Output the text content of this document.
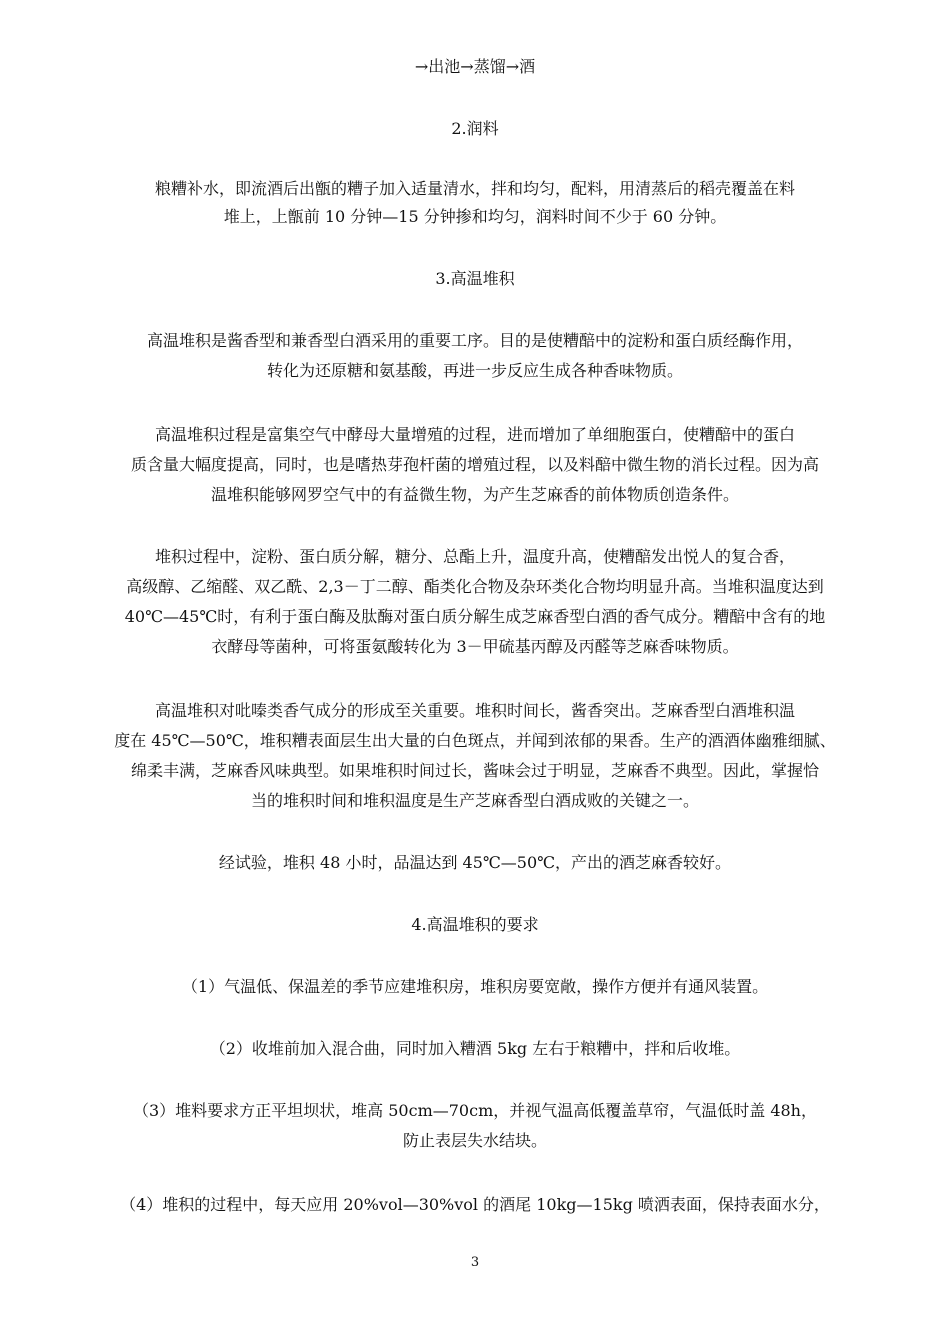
→出池→蒸馏→酒
2.润料
粮糟补水，即流酒后出甑的糟子加入适量清水，拌和均匀，配料，用清蒸后的稻壳覆盖在料
堆上，上甑前 10 分钟—15 分钟掺和均匀，润料时间不少于 60 分钟。
3.高温堆积
高温堆积是酱香型和兼香型白酒采用的重要工序。目的是使糟醅中的淀粉和蛋白质经酶作用，
转化为还原糖和氨基酸，再进一步反应生成各种香味物质。
高温堆积过程是富集空气中酵母大量增殖的过程，进而增加了单细胞蛋白，使糟醅中的蛋白
质含量大幅度提高，同时，也是嗜热芽孢杆菌的增殖过程，以及料醅中微生物的消长过程。因为高
温堆积能够网罗空气中的有益微生物，为产生芝麻香的前体物质创造条件。
堆积过程中，淀粉、蛋白质分解，糖分、总酯上升，温度升高，使糟醅发出悦人的复合香，
高级醇、乙缩醛、双乙酰、2,3－丁二醇、酯类化合物及杂环类化合物均明显升高。当堆积温度达到
40℃—45℃时，有利于蛋白酶及肽酶对蛋白质分解生成芝麻香型白酒的香气成分。糟醅中含有的地
衣酵母等菌种，可将蛋氨酸转化为 3－甲硫基丙醇及丙醛等芝麻香味物质。
高温堆积对吡嗪类香气成分的形成至关重要。堆积时间长，酱香突出。芝麻香型白酒堆积温
度在 45℃—50℃，堆积糟表面层生出大量的白色斑点，并闻到浓郁的果香。生产的酒酒体幽雅细腻、
绵柔丰满，芝麻香风味典型。如果堆积时间过长，酱味会过于明显，芝麻香不典型。因此，掌握恰
当的堆积时间和堆积温度是生产芝麻香型白酒成败的关键之一。
经试验，堆积 48 小时，品温达到 45℃—50℃，产出的酒芝麻香较好。
4.高温堆积的要求
（1）气温低、保温差的季节应建堆积房，堆积房要宽敞，操作方便并有通风装置。
（2）收堆前加入混合曲，同时加入糟酒 5kg 左右于粮糟中，拌和后收堆。
（3）堆料要求方正平坦坝状，堆高 50cm—70cm，并视气温高低覆盖草帘，气温低时盖 48h，
防止表层失水结块。
（4）堆积的过程中，每天应用 20%vol—30%vol 的酒尾 10kg—15kg 喷洒表面，保持表面水分，
3
